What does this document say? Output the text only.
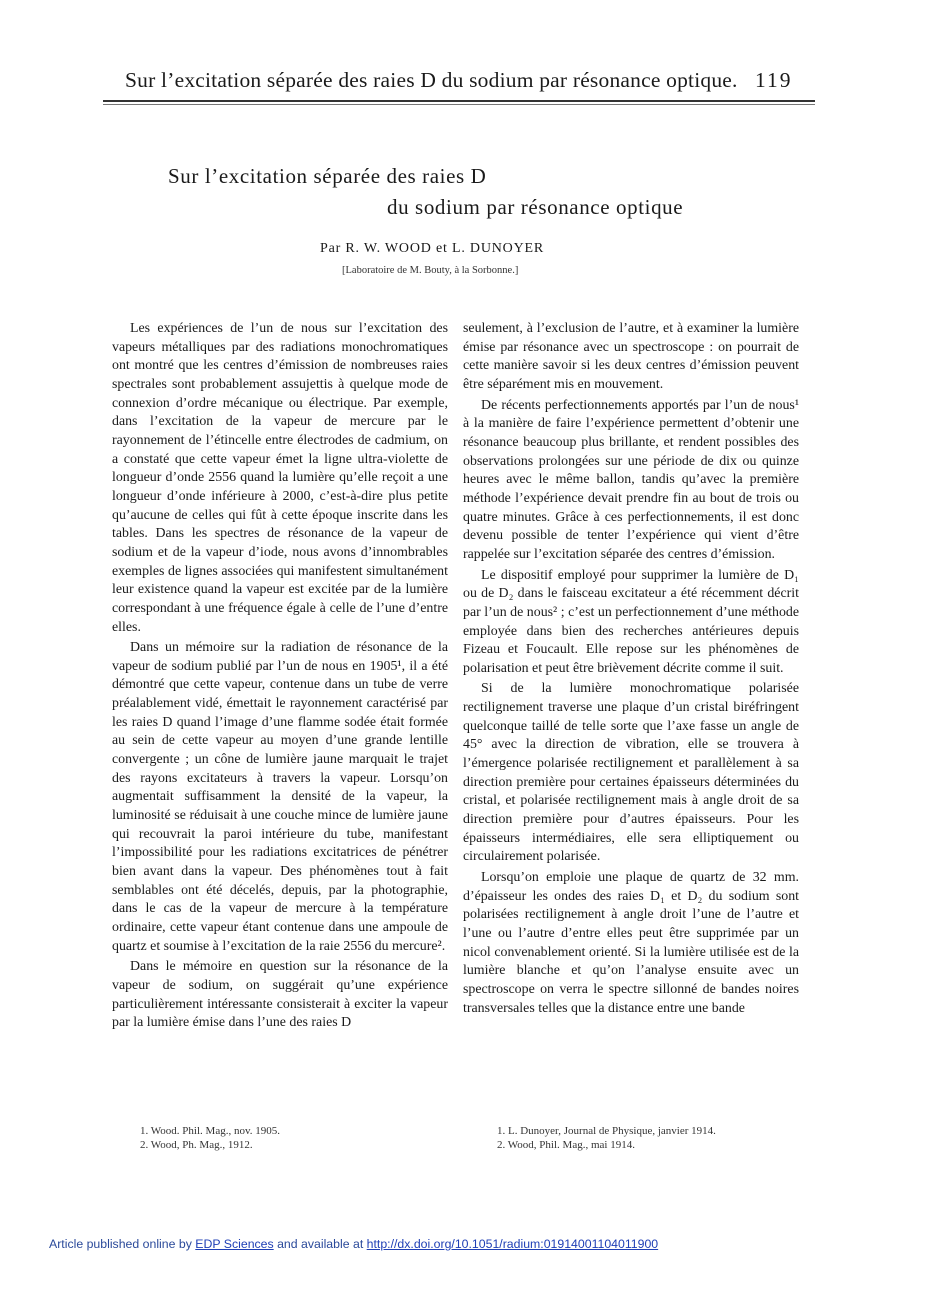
Sur l’excitation séparée des raies D du sodium par résonance optique. 119
Sur l’excitation séparée des raies D
du sodium par résonance optique
Par R. W. WOOD et L. DUNOYER
[Laboratoire de M. Bouty, à la Sorbonne.]

Les expériences de l’un de nous sur l’excitation des vapeurs métalliques par des radiations monochromatiques ont montré que les centres d’émission de nombreuses raies spectrales sont probablement assujettis à quelque mode de connexion d’ordre mécanique ou électrique. Par exemple, dans l’excitation de la vapeur de mercure par le rayonnement de l’étincelle entre électrodes de cadmium, on a constaté que cette vapeur émet la ligne ultra-violette de longueur d’onde 2556 quand la lumière qu’elle reçoit a une longueur d’onde inférieure à 2000, c’est-à-dire plus petite qu’aucune de celles qui fût à cette époque inscrite dans les tables. Dans les spectres de résonance de la vapeur de sodium et de la vapeur d’iode, nous avons d’innombrables exemples de lignes associées qui manifestent simultanément leur existence quand la vapeur est excitée par de la lumière correspondant à une fréquence égale à celle de l’une d’entre elles.

Dans un mémoire sur la radiation de résonance de la vapeur de sodium publié par l’un de nous en 1905¹, il a été démontré que cette vapeur, contenue dans un tube de verre préalablement vidé, émettait le rayonnement caractérisé par les raies D quand l’image d’une flamme sodée était formée au sein de cette vapeur au moyen d’une grande lentille convergente ; un cône de lumière jaune marquait le trajet des rayons excitateurs à travers la vapeur. Lorsqu’on augmentait suffisamment la densité de la vapeur, la luminosité se réduisait à une couche mince de lumière jaune qui recouvrait la paroi intérieure du tube, manifestant l’impossibilité pour les radiations excitatrices de pénétrer bien avant dans la vapeur. Des phénomènes tout à fait semblables ont été décelés, depuis, par la photographie, dans le cas de la vapeur de mercure à la température ordinaire, cette vapeur étant contenue dans une ampoule de quartz et soumise à l’excitation de la raie 2556 du mercure².

Dans le mémoire en question sur la résonance de la vapeur de sodium, on suggérait qu’une expérience particulièrement intéressante consisterait à exciter la vapeur par la lumière émise dans l’une des raies D

1. Wood. Phil. Mag., nov. 1905.
2. Wood, Ph. Mag., 1912.

seulement, à l’exclusion de l’autre, et à examiner la lumière émise par résonance avec un spectroscope : on pourrait de cette manière savoir si les deux centres d’émission peuvent être séparément mis en mouvement.

De récents perfectionnements apportés par l’un de nous¹ à la manière de faire l’expérience permettent d’obtenir une résonance beaucoup plus brillante, et rendent possibles des observations prolongées sur une période de dix ou quinze heures avec le même ballon, tandis qu’avec la première méthode l’expérience devait prendre fin au bout de trois ou quatre minutes. Grâce à ces perfectionnements, il est donc devenu possible de tenter l’expérience qui vient d’être rappelée sur l’excitation séparée des centres d’émission.

Le dispositif employé pour supprimer la lumière de D₁ ou de D₂ dans le faisceau excitateur a été récemment décrit par l’un de nous² ; c’est un perfectionnement d’une méthode employée dans bien des recherches antérieures depuis Fizeau et Foucault. Elle repose sur les phénomènes de polarisation et peut être brièvement décrite comme il suit.

Si de la lumière monochromatique polarisée rectilignement traverse une plaque d’un cristal biréfringent quelconque taillé de telle sorte que l’axe fasse un angle de 45° avec la direction de vibration, elle se trouvera à l’émergence polarisée rectilignement et parallèlement à sa direction première pour certaines épaisseurs déterminées du cristal, et polarisée rectilignement mais à angle droit de sa direction première pour d’autres épaisseurs. Pour les épaisseurs intermédiaires, elle sera elliptiquement ou circulairement polarisée.

Lorsqu’on emploie une plaque de quartz de 32 mm. d’épaisseur les ondes des raies D₁ et D₂ du sodium sont polarisées rectilignement à angle droit l’une de l’autre et l’une ou l’autre d’entre elles peut être supprimée par un nicol convenablement orienté. Si la lumière utilisée est de la lumière blanche et qu’on l’analyse ensuite avec un spectroscope on verra le spectre sillonné de bandes noires transversales telles que la distance entre une bande

1. L. Dunoyer, Journal de Physique, janvier 1914.
2. Wood, Phil. Mag., mai 1914.
Article published online by EDP Sciences and available at http://dx.doi.org/10.1051/radium:01914001104011900
